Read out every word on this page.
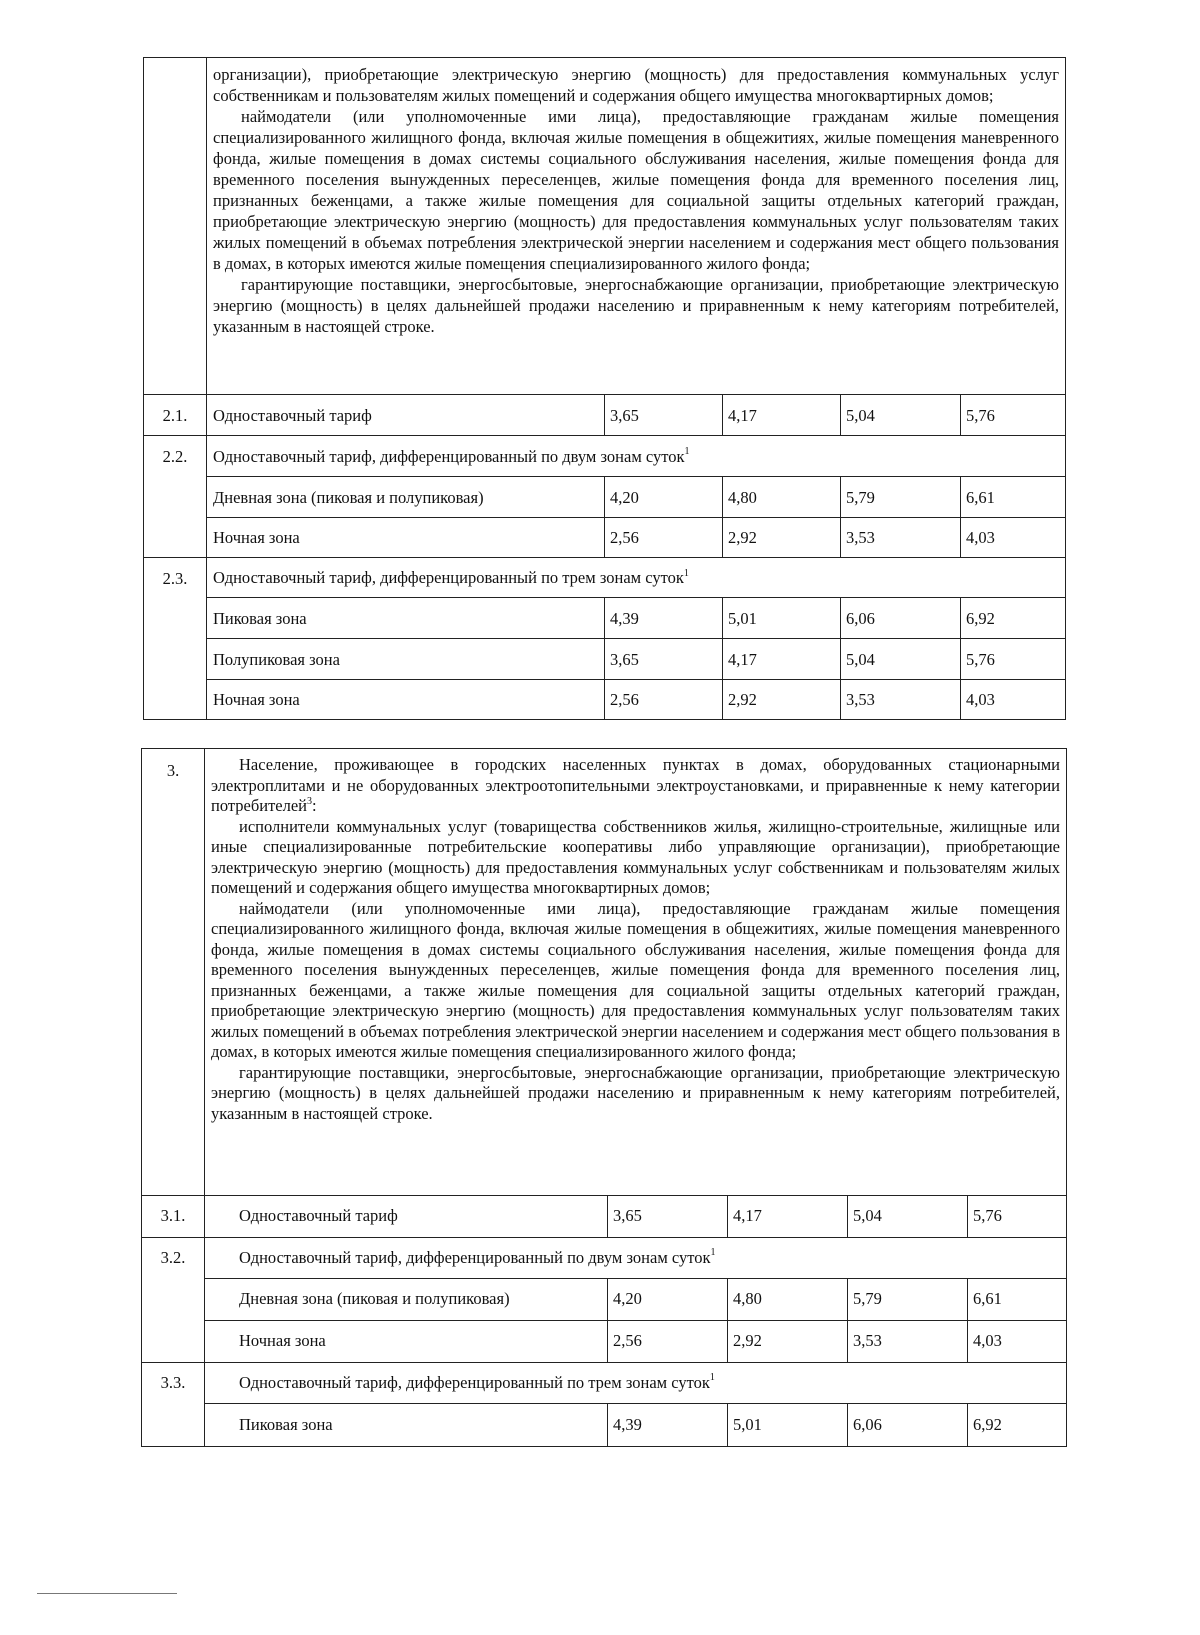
	организации), приобретающие электрическую энергию (мощность) для предоставления коммунальных услуг собственникам и пользователям жилых помещений и содержания общего имущества многоквартирных домов;

наймодатели (или уполномоченные ими лица), предоставляющие гражданам жилые помещения специализированного жилищного фонда, включая жилые помещения в общежитиях, жилые помещения маневренного фонда, жилые помещения в домах системы социального обслуживания населения, жилые помещения фонда для временного поселения вынужденных переселенцев, жилые помещения фонда для временного поселения лиц, признанных беженцами, а также жилые помещения для социальной защиты отдельных категорий граждан, приобретающие электрическую энергию (мощность) для предоставления коммунальных услуг пользователям таких жилых помещений в объемах потребления электрической энергии населением и содержания мест общего пользования в домах, в которых имеются жилые помещения специализированного жилого фонда;

гарантирующие поставщики, энергосбытовые, энергоснабжающие организации, приобретающие электрическую энергию (мощность) в целях дальнейшей продажи населению и приравненным к нему категориям потребителей, указанным в настоящей строке.				

2.1.	Одноставочный тариф	3,65	4,17	5,04	5,76
2.2.	Одноставочный тариф, дифференцированный по двум зонам суток$^1$
	Дневная зона (пиковая и полупиковая)	4,20	4,80	5,79	6,61
	Ночная зона	2,56	2,92	3,53	4,03
2.3.	Одноставочный тариф, дифференцированный по трем зонам суток$^1$
	Пиковая зона	4,39	5,01	6,06	6,92
	Полупиковая зона	3,65	4,17	5,04	5,76
	Ночная зона	2,56	2,92	3,53	4,03
3.	Население, проживающее в городских населенных пунктах в домах, оборудованных стационарными электроплитами и не оборудованных электроотопительными электроустановками, и приравненные к нему категории потребителей$^3$:

исполнители коммунальных услуг (товарищества собственников жилья, жилищно-строительные, жилищные или иные специализированные потребительские кооперативы либо управляющие организации), приобретающие электрическую энергию (мощность) для предоставления коммунальных услуг собственникам и пользователям жилых помещений и содержания общего имущества многоквартирных домов;

наймодатели (или уполномоченные ими лица), предоставляющие гражданам жилые помещения специализированного жилищного фонда, включая жилые помещения в общежитиях, жилые помещения маневренного фонда, жилые помещения в домах системы социального обслуживания населения, жилые помещения фонда для временного поселения вынужденных переселенцев, жилые помещения фонда для временного поселения лиц, признанных беженцами, а также жилые помещения для социальной защиты отдельных категорий граждан, приобретающие электрическую энергию (мощность) для предоставления коммунальных услуг пользователям таких жилых помещений в объемах потребления электрической энергии населением и содержания мест общего пользования в домах, в которых имеются жилые помещения специализированного жилого фонда;

гарантирующие поставщики, энергосбытовые, энергоснабжающие организации, приобретающие электрическую энергию (мощность) в целях дальнейшей продажи населению и приравненным к нему категориям потребителей, указанным в настоящей строке.				

3.1.	Одноставочный тариф	3,65	4,17	5,04	5,76
3.2.	Одноставочный тариф, дифференцированный по двум зонам суток$^1$
	Дневная зона (пиковая и полупиковая)	4,20	4,80	5,79	6,61
	Ночная зона	2,56	2,92	3,53	4,03
3.3.	Одноставочный тариф, дифференцированный по трем зонам суток$^1$
	Пиковая зона	4,39	5,01	6,06	6,92
